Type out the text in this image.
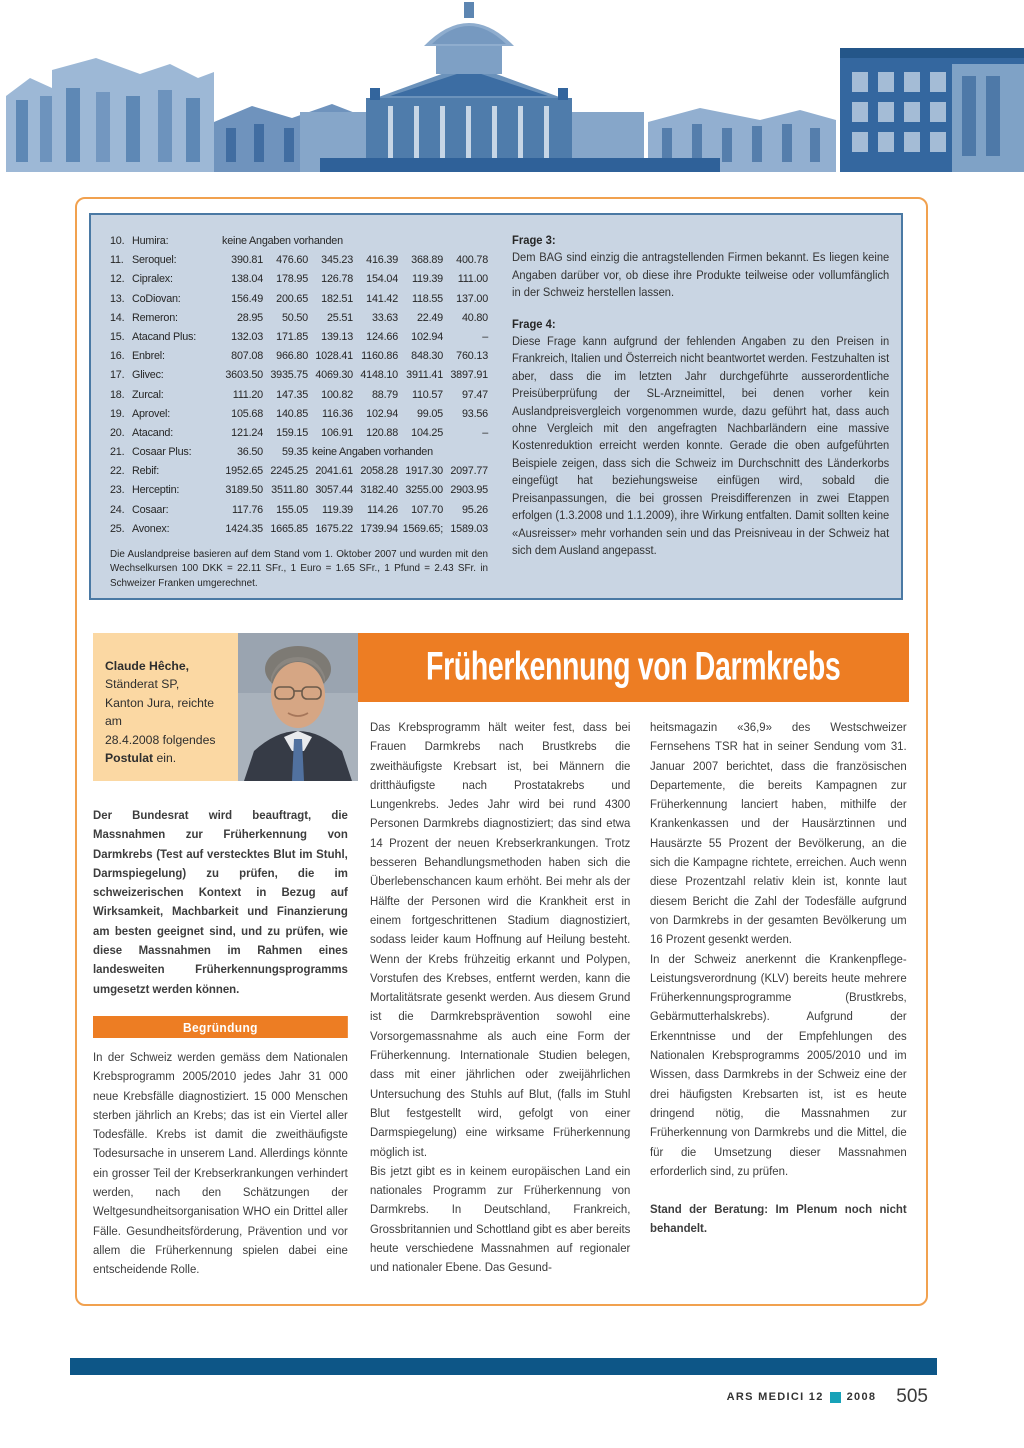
10. Humira:	keine Angaben vorhanden
11. Seroquel:	390.81	476.60	345.23	416.39	368.89	400.78
12. Cipralex:	138.04	178.95	126.78	154.04	119.39	111.00
13. CoDiovan:	156.49	200.65	182.51	141.42	118.55	137.00
14. Remeron:	28.95	50.50	25.51	33.63	22.49	40.80
15. Atacand Plus:	132.03	171.85	139.13	124.66	102.94	–
16. Enbrel:	807.08	966.80 1028.41 1160.86	848.30	760.13
17. Glivec:	3603.50 3935.75 4069.30 4148.10 3911.41 3897.91
18. Zurcal:	111.20	147.35	100.82	88.79	110.57	97.47
19. Aprovel:	105.68	140.85	116.36	102.94	99.05	93.56
20. Atacand:	121.24	159.15	106.91	120.88	104.25	–
21. Cosaar Plus:	36.50	59.35 keine Angaben vorhanden
22. Rebif:	1952.65 2245.25 2041.61 2058.28 1917.30 2097.77
23. Herceptin:	3189.50 3511.80 3057.44 3182.40 3255.00 2903.95
24. Cosaar:	117.76	155.05	119.39	114.26	107.70	95.26
25. Avonex:	1424.35 1665.85 1675.22 1739.94 1569.65; 1589.03

Die Auslandpreise basieren auf dem Stand vom 1. Oktober 2007 und wurden mit den Wechselkursen 100 DKK = 22.11 SFr., 1 Euro = 1.65 SFr., 1 Pfund = 2.43 SFr. in Schweizer Franken umgerechnet.

Frage 3:

Dem BAG sind einzig die antragstellenden Firmen bekannt. Es liegen keine Angaben darüber vor, ob diese ihre Produkte teilweise oder vollumfänglich in der Schweiz herstellen lassen.

Frage 4:

Diese Frage kann aufgrund der fehlenden Angaben zu den Preisen in Frankreich, Italien und Österreich nicht beantwortet werden. Festzuhalten ist aber, dass die im letzten Jahr durchgeführte ausserordentliche Preisüberprüfung der SL-Arzneimittel, bei denen vorher kein Auslandpreisvergleich vorgenommen wurde, dazu geführt hat, dass auch ohne Vergleich mit den angefragten Nachbarländern eine massive Kostenreduktion erreicht werden konnte. Gerade die oben aufgeführten Beispiele zeigen, dass sich die Schweiz im Durchschnitt des Länderkorbs eingefügt hat beziehungsweise einfügen wird, sobald die Preisanpassungen, die bei grossen Preisdifferenzen in zwei Etappen erfolgen (1.3.2008 und 1.1.2009), ihre Wirkung entfalten. Damit sollten keine «Ausreisser» mehr vorhanden sein und das Preisniveau in der Schweiz hat sich dem Ausland angepasst.

Claude Hêche,

Ständerat SP,

Kanton Jura, reichte am

28.4.2008 folgendes

Postulat ein.

Früherkennung von Darmkrebs

Der Bundesrat wird beauftragt, die Massnahmen zur Früherkennung von Darmkrebs (Test auf verstecktes Blut im Stuhl, Darmspiegelung) zu prüfen, die im schweizerischen Kontext in Bezug auf Wirksamkeit, Machbarkeit und Finanzierung am besten geeignet sind, und zu prüfen, wie diese Massnahmen im Rahmen eines landesweiten Früherkennungsprogramms umgesetzt werden können.

Begründung

In der Schweiz werden gemäss dem Nationalen Krebsprogramm 2005/2010 jedes Jahr 31 000 neue Krebsfälle diagnostiziert. 15 000 Menschen sterben jährlich an Krebs; das ist ein Viertel aller Todesfälle. Krebs ist damit die zweithäufigste Todesursache in unserem Land. Allerdings könnte ein grosser Teil der Krebserkrankungen verhindert werden, nach den Schätzungen der Weltgesundheitsorganisation WHO ein Drittel aller Fälle. Gesundheitsförderung, Prävention und vor allem die Früherkennung spielen dabei eine entscheidende Rolle.

Das Krebsprogramm hält weiter fest, dass bei Frauen Darmkrebs nach Brustkrebs die zweithäufigste Krebsart ist, bei Männern die dritthäufigste nach Prostatakrebs und Lungenkrebs. Jedes Jahr wird bei rund 4300 Personen Darmkrebs diagnostiziert; das sind etwa 14 Prozent der neuen Krebserkrankungen. Trotz besseren Behandlungsmethoden haben sich die Überlebenschancen kaum erhöht. Bei mehr als der Hälfte der Personen wird die Krankheit erst in einem fortgeschrittenen Stadium diagnostiziert, sodass leider kaum Hoffnung auf Heilung besteht. Wenn der Krebs frühzeitig erkannt und Polypen, Vorstufen des Krebses, entfernt werden, kann die Mortalitätsrate gesenkt werden. Aus diesem Grund ist die Darmkrebsprävention sowohl eine Vorsorgemassnahme als auch eine Form der Früherkennung. Internationale Studien belegen, dass mit einer jährlichen oder zweijährlichen Untersuchung des Stuhls auf Blut, (falls im Stuhl Blut festgestellt wird, gefolgt von einer Darmspiegelung) eine wirksame Früherkennung möglich ist.

Bis jetzt gibt es in keinem europäischen Land ein nationales Programm zur Früherkennung von Darmkrebs. In Deutschland, Frankreich, Grossbritannien und Schottland gibt es aber bereits heute verschiedene Massnahmen auf regionaler und nationaler Ebene. Das Gesund-

heitsmagazin «36,9» des Westschweizer Fernsehens TSR hat in seiner Sendung vom 31. Januar 2007 berichtet, dass die französischen Departemente, die bereits Kampagnen zur Früherkennung lanciert haben, mithilfe der Krankenkassen und der Hausärztinnen und Hausärzte 55 Prozent der Bevölkerung, an die sich die Kampagne richtete, erreichen. Auch wenn diese Prozentzahl relativ klein ist, konnte laut diesem Bericht die Zahl der Todesfälle aufgrund von Darmkrebs in der gesamten Bevölkerung um 16 Prozent gesenkt werden.

In der Schweiz anerkennt die Krankenpflege-Leistungsverordnung (KLV) bereits heute mehrere Früherkennungsprogramme (Brustkrebs, Gebärmutterhalskrebs). Aufgrund der Erkenntnisse und der Empfehlungen des Nationalen Krebsprogramms 2005/2010 und im Wissen, dass Darmkrebs in der Schweiz eine der drei häufigsten Krebsarten ist, ist es heute dringend nötig, die Massnahmen zur Früherkennung von Darmkrebs und die Mittel, die für die Umsetzung dieser Massnahmen erforderlich sind, zu prüfen.

Stand der Beratung: Im Plenum noch nicht behandelt.

ARS MEDICI 12 2008 505
